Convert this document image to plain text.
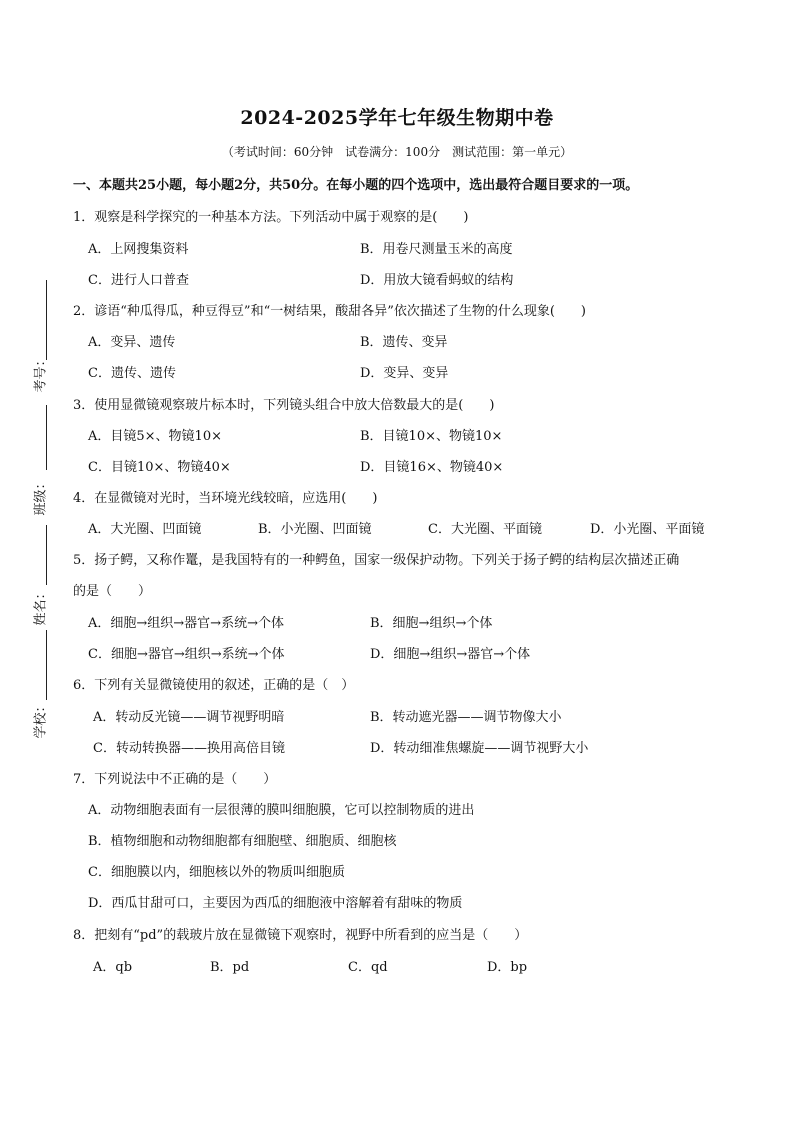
考号：
班级：
姓名：
学校：
2024-2025学年七年级生物期中卷
（考试时间：60分钟　试卷满分：100分　测试范围：第一单元）
一、本题共25小题，每小题2分，共50分。在每小题的四个选项中，选出最符合题目要求的一项。
1．观察是科学探究的一种基本方法。下列活动中属于观察的是(　　)
A．上网搜集资料	B．用卷尺测量玉米的高度
C．进行人口普查	D．用放大镜看蚂蚁的结构
2．谚语“种瓜得瓜，种豆得豆”和“一树结果，酸甜各异”依次描述了生物的什么现象(　　)
A．变异、遗传	B．遗传、变异
C．遗传、遗传	D．变异、变异
3．使用显微镜观察玻片标本时，下列镜头组合中放大倍数最大的是(　　)
A．目镜5×、物镜10×	B．目镜10×、物镜10×
C．目镜10×、物镜40×	D．目镜16×、物镜40×
4．在显微镜对光时，当环境光线较暗，应选用(　　)
A．大光圈、凹面镜	B．小光圈、凹面镜	C．大光圈、平面镜	D．小光圈、平面镜
5．扬子鳄，又称作鼍，是我国特有的一种鳄鱼，国家一级保护动物。下列关于扬子鳄的结构层次描述正确
的是（　　）
A．细胞→组织→器官→系统→个体	B．细胞→组织→个体
C．细胞→器官→组织→系统→个体	D．细胞→组织→器官→个体
6．下列有关显微镜使用的叙述，正确的是（　）
A．转动反光镜——调节视野明暗	B．转动遮光器——调节物像大小
C．转动转换器——换用高倍目镜	D．转动细准焦螺旋——调节视野大小
7．下列说法中不正确的是（　　）
A．动物细胞表面有一层很薄的膜叫细胞膜，它可以控制物质的进出
B．植物细胞和动物细胞都有细胞壁、细胞质、细胞核
C．细胞膜以内，细胞核以外的物质叫细胞质
D．西瓜甘甜可口，主要因为西瓜的细胞液中溶解着有甜味的物质
8．把刻有“pd”的载玻片放在显微镜下观察时，视野中所看到的应当是（　　）
A．qb	B．pd	C．qd	D．bp
